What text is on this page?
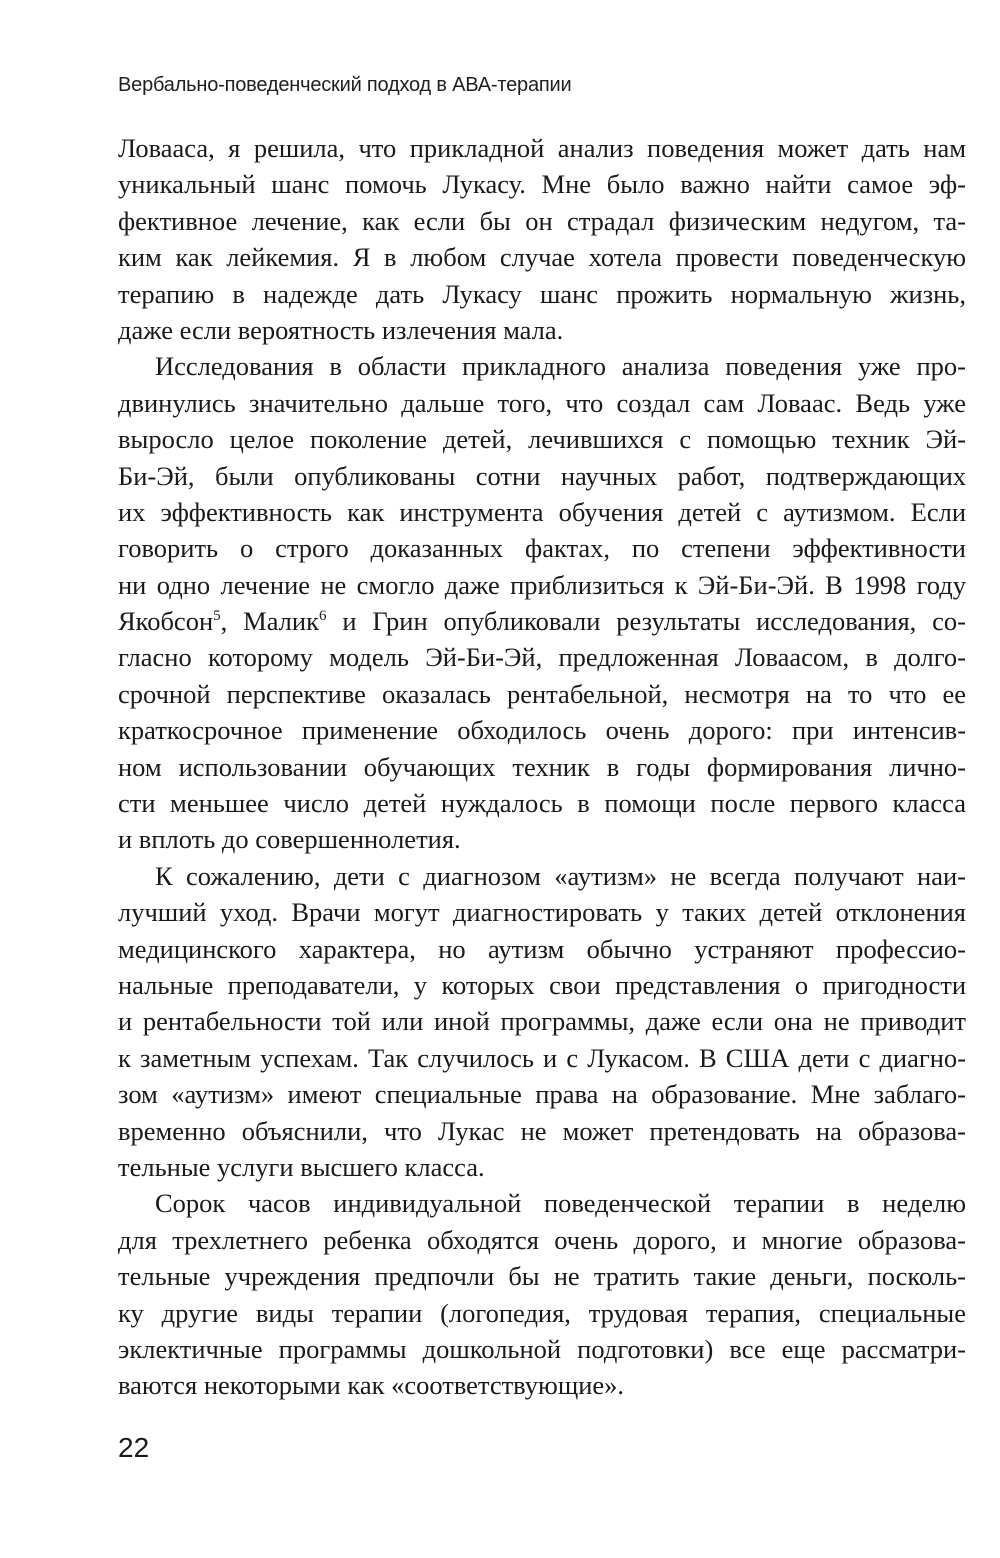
Вербально-поведенческий подход в АВА-терапии
Ловааса, я решила, что прикладной анализ поведения может дать нам
уникальный шанс помочь Лукасу. Мне было важно найти самое эф-
фективное лечение, как если бы он страдал физическим недугом, та-
ким как лейкемия. Я в любом случае хотела провести поведенческую
терапию в надежде дать Лукасу шанс прожить нормальную жизнь,
даже если вероятность излечения мала.
Исследования в области прикладного анализа поведения уже про-
двинулись значительно дальше того, что создал сам Ловаас. Ведь уже
выросло целое поколение детей, лечившихся с помощью техник Эй-
Би-Эй, были опубликованы сотни научных работ, подтверждающих
их эффективность как инструмента обучения детей с аутизмом. Если
говорить о строго доказанных фактах, по степени эффективности
ни одно лечение не смогло даже приблизиться к Эй-Би-Эй. В 1998 году
Якобсон$^5$, Малик$^6$ и Грин опубликовали результаты исследования, со-
гласно которому модель Эй-Би-Эй, предложенная Ловаасом, в долго-
срочной перспективе оказалась рентабельной, несмотря на то что ее
краткосрочное применение обходилось очень дорого: при интенсив-
ном использовании обучающих техник в годы формирования лично-
сти меньшее число детей нуждалось в помощи после первого класса
и вплоть до совершеннолетия.
К сожалению, дети с диагнозом «аутизм» не всегда получают наи-
лучший уход. Врачи могут диагностировать у таких детей отклонения
медицинского характера, но аутизм обычно устраняют профессио-
нальные преподаватели, у которых свои представления о пригодности
и рентабельности той или иной программы, даже если она не приводит
к заметным успехам. Так случилось и с Лукасом. В США дети с диагно-
зом «аутизм» имеют специальные права на образование. Мне заблаго-
временно объяснили, что Лукас не может претендовать на образова-
тельные услуги высшего класса.
Сорок часов индивидуальной поведенческой терапии в неделю
для трехлетнего ребенка обходятся очень дорого, и многие образова-
тельные учреждения предпочли бы не тратить такие деньги, посколь-
ку другие виды терапии (логопедия, трудовая терапия, специальные
эклектичные программы дошкольной подготовки) все еще рассматри-
ваются некоторыми как «соответствующие».
22
